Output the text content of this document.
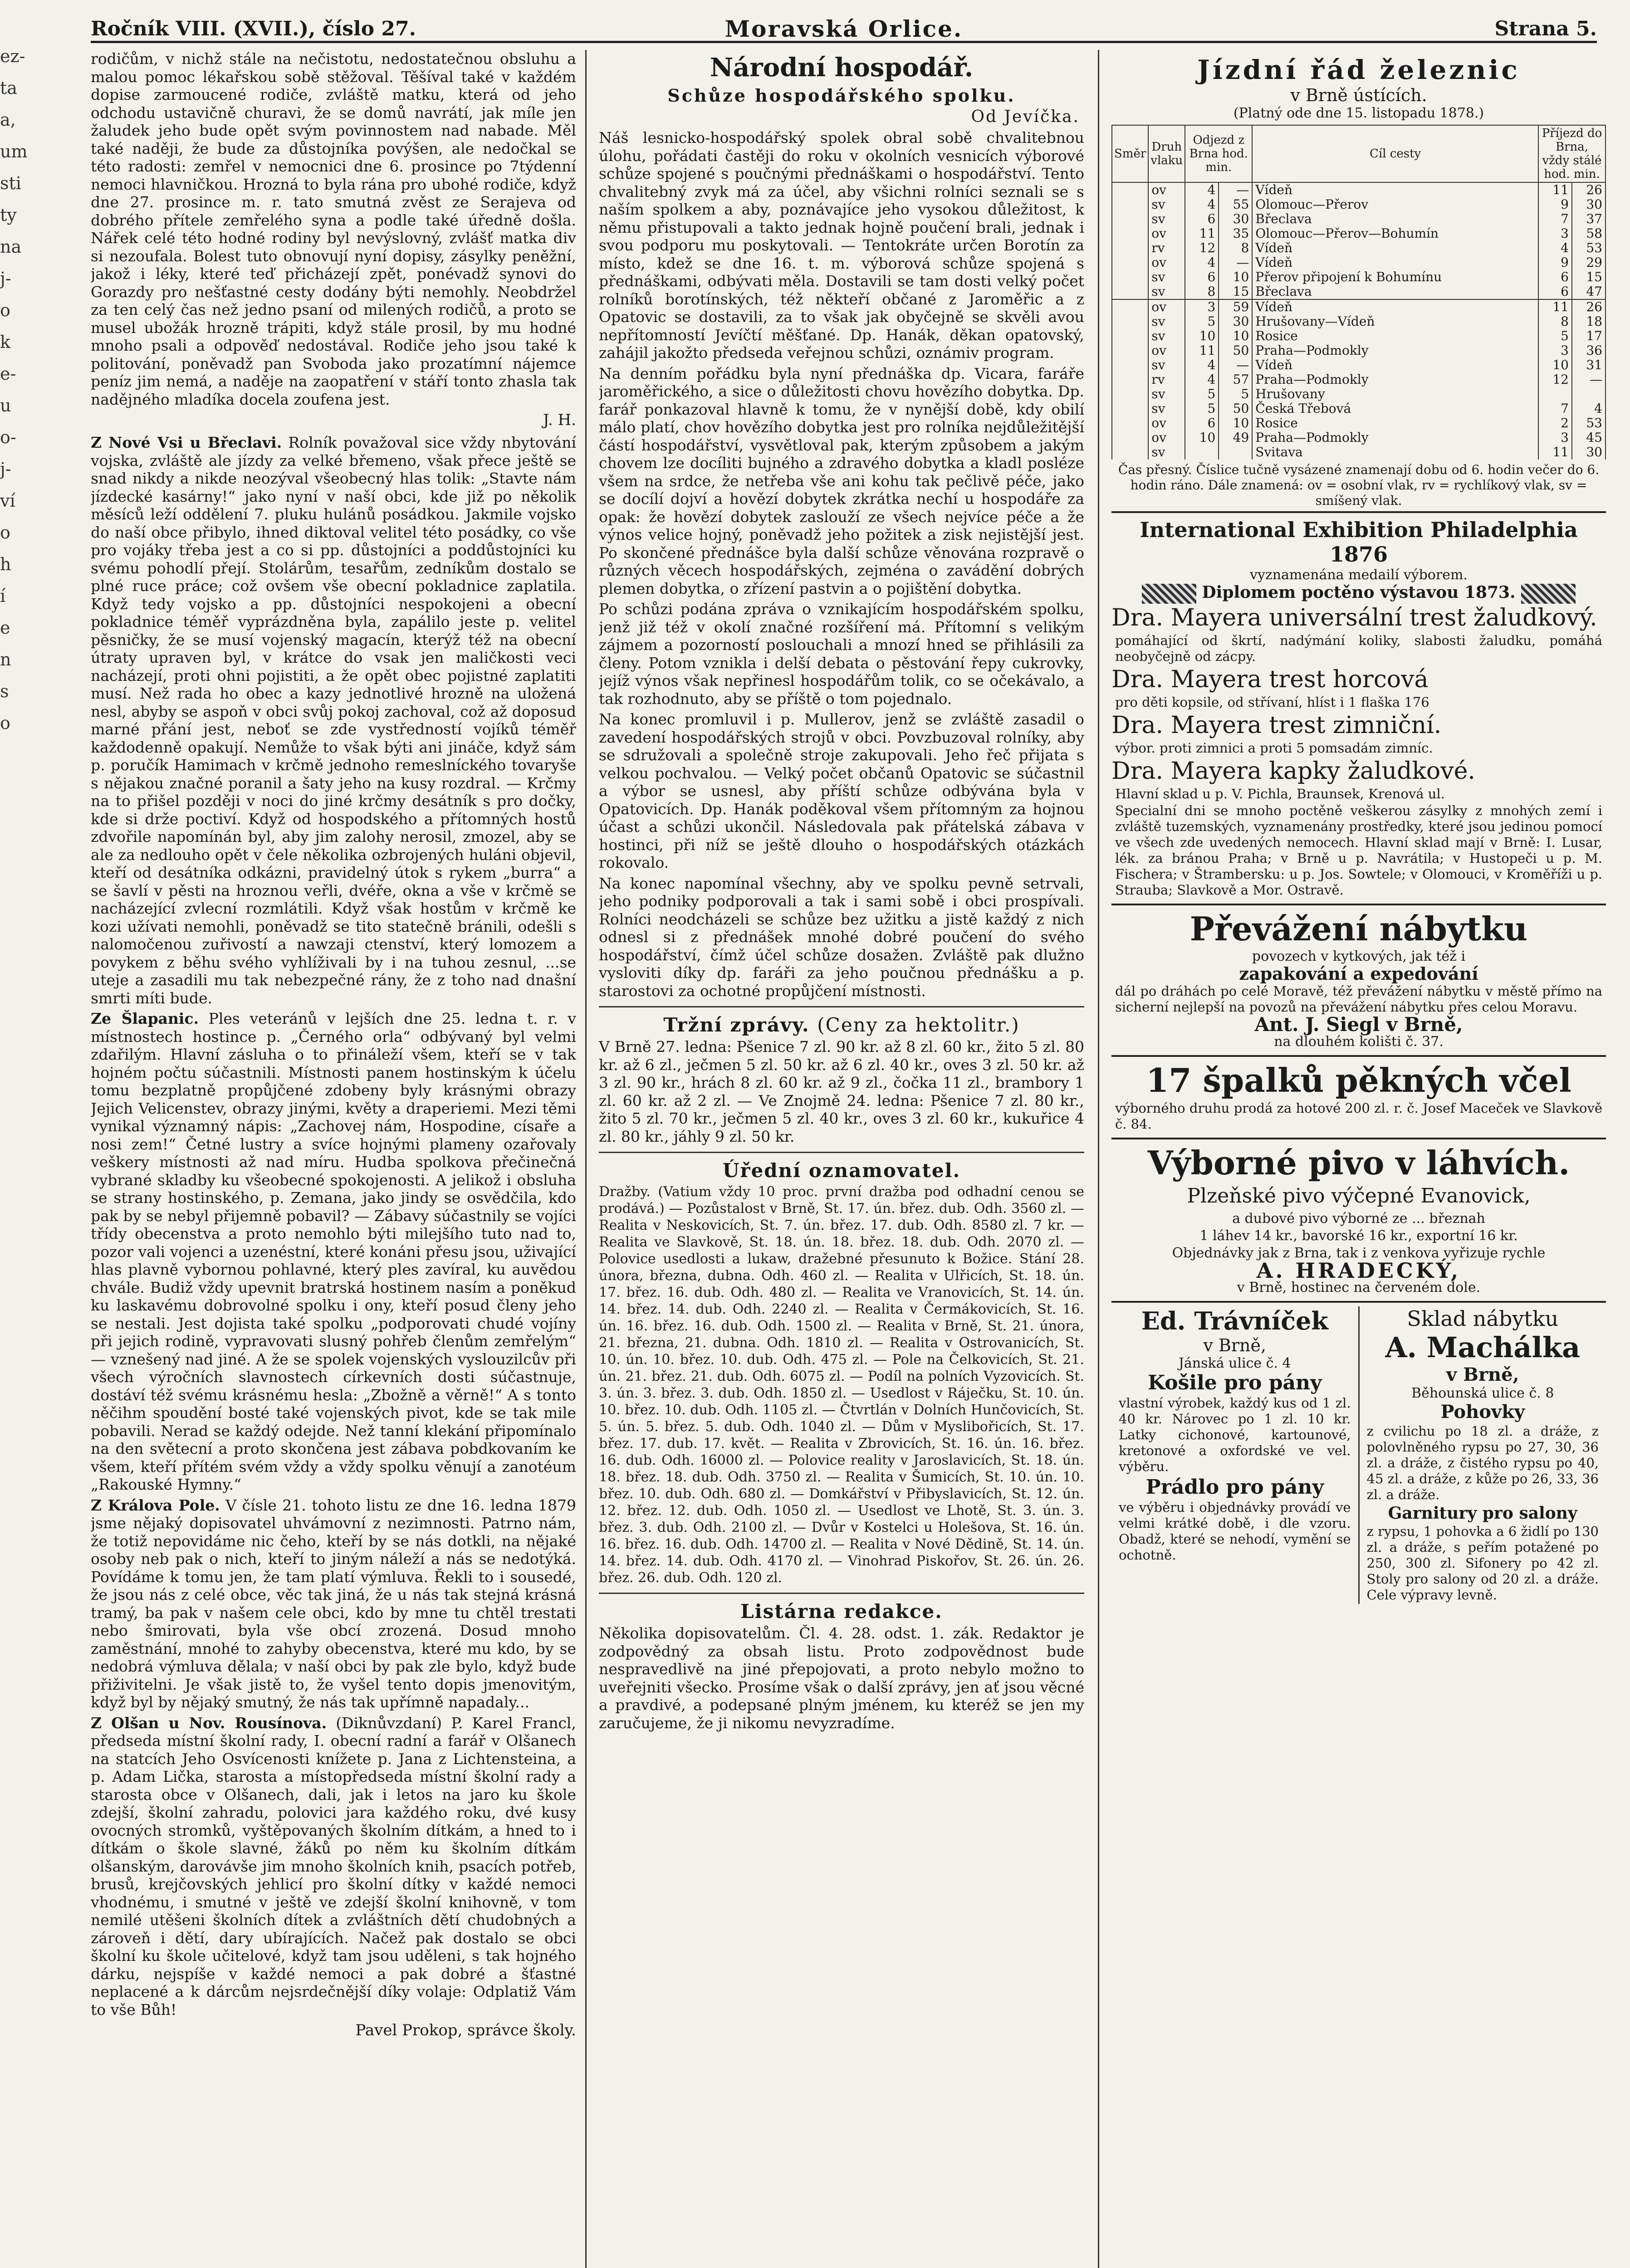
ez-
ta
a,
um
sti
ty
na
j-
o
k
e-
u
o-
j-
ví
o
h
í
e
n
s
o
Ročník VIII. (XVII.), číslo 27.	Moravská Orlice.	Strana 5.

rodičům, v nichž stále na nečistotu, nedostatečnou obsluhu a malou pomoc lékařskou sobě stěžoval. Těšíval také v každém dopise zarmoucené rodiče, zvláště matku, která od jeho odchodu ustavičně churavi, že se domů navrátí, jak míle jen žaludek jeho bude opět svým povinnostem nad nabade. Měl také naději, že bude za důstojníka povýšen, ale nedočkal se této radosti: zemřel v nemocnici dne 6. prosince po 7týdenní nemoci hlavničkou. Hrozná to byla rána pro ubohé rodiče, když dne 27. prosince m. r. tato smutná zvěst ze Serajeva od dobrého přítele zemřelého syna a podle také úředně došla. Nářek celé této hodné rodiny byl nevýslovný, zvlášť matka div si nezoufala. Bolest tuto obnovují nyní dopisy, zásylky peněžní, jakož i léky, které teď přicházejí zpět, ponévadž synovi do Gorazdy pro nešťastné cesty dodány býti nemohly. Neobdržel za ten celý čas než jedno psaní od milených rodičů, a proto se musel ubožák hrozně trápiti, když stále prosil, by mu hodné mnoho psali a odpověď nedostával. Rodiče jeho jsou také k politování, poněvadž pan Svoboda jako prozatímní nájemce peníz jim nemá, a naděje na zaopatření v stáří tonto zhasla tak nadějného mladíka docela zoufena jest.

J. H.

Z Nové Vsi u Břeclavi. Rolník považoval sice vždy nbytování vojska, zvláště ale jízdy za velké břemeno, však přece ještě se snad nikdy a nikde neozýval všeobecný hlas tolik: „Stavte nám jízdecké kasárny!“ jako nyní v naší obci, kde již po několik měsíců leží oddělení 7. pluku hulánů posádkou. Jakmile vojsko do naší obce přibylo, ihned diktoval velitel této posádky, co vše pro vojáky třeba jest a co si pp. důstojníci a poddůstojníci ku svému pohodlí přejí. Stolárům, tesařům, zedníkům dostalo se plné ruce práce; což ovšem vše obecní pokladnice zaplatila. Když tedy vojsko a pp. důstojníci nespokojeni a obecní pokladnice téměř vyprázdněna byla, zapálilo jeste p. velitel pěsničky, že se musí vojenský magacín, kterýž též na obecní útraty upraven byl, v krátce do vsak jen maličkosti veci nacházejí, proti ohni pojistiti, a že opět obec pojistné zaplatiti musí. Než rada ho obec a kazy jednotlivé hrozně na uložená nesl, abyby se aspoň v obci svůj pokoj zachoval, což až doposud marné přání jest, neboť se zde vystředností vojíků téměř každodenně opakují. Nemůže to však býti ani jináče, když sám p. poručík Hamimach v krčmě jednoho remeslníckého tovaryše s nějakou značné poranil a šaty jeho na kusy rozdral. — Krčmy na to přišel později v noci do jiné krčmy desátník s pro dočky, kde si drže poctiví. Když od hospodského a přítomných hostů zdvořile napomínán byl, aby jim zalohy nerosil, zmozel, aby se ale za nedlouho opět v čele několika ozbrojených huláni objevil, kteří od desátníka odkázni, pravidelný útok s rykem „burra“ a se šavlí v pěsti na hroznou veřli, dvéře, okna a vše v krčmě se nacházející zvlecní rozmlátili. Když však hostům v krčmě ke kozi užívati nemohli, poněvadž se tito statečně bránili, odešli s nalomočenou zuřivostí a nawzaji ctenství, který lomozem a povykem z běhu svého vyhlíživali by i na tuhou zesnul, ...se uteje a zasadili mu tak nebezpečné rány, že z toho nad dnašní smrti míti bude.

Ze Šlapanic. Ples veteránů v lejších dne 25. ledna t. r. v místnostech hostince p. „Černého orla“ odbývaný byl velmi zdařilým. Hlavní zásluha o to přináleží všem, kteří se v tak hojném počtu súčastnili. Místnosti panem hostinským k účelu tomu bezplatně propůjčené zdobeny byly krásnými obrazy Jejich Velicenstev, obrazy jinými, květy a draperiemi. Mezi těmi vynikal významný nápis: „Zachovej nám, Hospodine, císaře a nosi zem!“ Četné lustry a svíce hojnými plameny ozařovaly veškery místnosti až nad míru. Hudba spolkova přečinečná vybrané skladby ku všeobecné spokojenosti. A jelikož i obsluha se strany hostinského, p. Zemana, jako jindy se osvědčila, kdo pak by se nebyl přijemně pobavil? — Zábavy súčastnily se vojíci třídy obecenstva a proto nemohlo býti milejšího tuto nad to, pozor vali vojenci a uzenéstní, které konáni přesu jsou, uživající hlas plavně vybornou pohlavné, který ples zavíral, ku auvědou chvále. Budiž vždy upevnit bratrská hostinem nasím a poněkud ku laskavému dobrovolné spolku i ony, kteří posud členy jeho se nestali. Jest dojista také spolku „podporovati chudé vojíny při jejich rodině, vypravovati slusný pohřeb členům zemřelým“ — vznešený nad jiné. A že se spolek vojenských vyslouzilcův při všech výročních slavnostech církevních dosti súčastnuje, dostáví též svému krásnému hesla: „Zbožně a věrně!“ A s tonto něčihm spoudění bosté také vojenských pivot, kde se tak mile pobavili. Nerad se každý odejde. Než tanní klekání připomínalo na den světecní a proto skončena jest zábava pobdkovaním ke všem, kteří přítém svém vždy a vždy spolku věnují a zanotéum „Rakouské Hymny.“

Z Králova Pole. V čísle 21. tohoto listu ze dne 16. ledna 1879 jsme nějaký dopisovatel uhvámovní z nezimnosti. Patrno nám, že totiž nepovidáme nic čeho, kteří by se nás dotkli, na nějaké osoby neb pak o nich, kteří to jiným náleží a nás se nedotýká. Povídáme k tomu jen, že tam platí výmluva. Řekli to i sousedé, že jsou nás z celé obce, věc tak jiná, že u nás tak stejná krásná tramý, ba pak v našem cele obci, kdo by mne tu chtěl trestati nebo šmirovati, byla vše obcí zrozená. Dosud mnoho zaměstnání, mnohé to zahyby obecenstva, které mu kdo, by se nedobrá výmluva dělala; v naší obci by pak zle bylo, když bude přiživitelni. Je však jistě to, že vyšel tento dopis jmenovitým, když byl by nějaký smutný, že nás tak upřímně napadaly...

Z Olšan u Nov. Rousínova. (Diknůvzdaní) P. Karel Francl, předseda místní školní rady, I. obecní radní a farář v Olšanech na statcích Jeho Osvícenosti knížete p. Jana z Lichtensteina, a p. Adam Lička, starosta a místopředseda místní školní rady a starosta obce v Olšanech, dali, jak i letos na jaro ku škole zdejší, školní zahradu, polovici jara každého roku, dvé kusy ovocných stromků, vyštěpovaných školním dítkám, a hned to i dítkám o škole slavné, žáků po něm ku školním dítkám olšanským, darovávše jim mnoho školních knih, psacích potřeb, brusů, krejčovských jehlicí pro školní dítky v každé nemoci vhodnému, i smutné v ještě ve zdejší školní knihovně, v tom nemilé utěšeni školních dítek a zvláštních dětí chudobných a zároveň i dětí, dary ubírajících. Načež pak dostalo se obci školní ku škole učitelové, když tam jsou uděleni, s tak hojného dárku, nejspíše v každé nemoci a pak dobré a šťastné neplacené a k dárcům nejsrdečnější díky volaje: Odplatiž Vám to vše Bůh!

Pavel Prokop, správce školy.
Národní hospodář.
Schůze hospodářského spolku.
Od Jevíčka.

Náš lesnicko-hospodářský spolek obral sobě chvalitebnou úlohu, pořádati častěji do roku v okolních vesnicích výborové schůze spojené s poučnými přednáškami o hospodářství. Tento chvalitebný zvyk má za účel, aby všichni rolníci seznali se s naším spolkem a aby, poznávajíce jeho vysokou důležitost, k němu přistupovali a takto jednak hojně poučení brali, jednak i svou podporu mu poskytovali. — Tentokráte určen Borotín za místo, kdež se dne 16. t. m. výborová schůze spojená s přednáškami, odbývati měla. Dostavili se tam dosti velký počet rolníků borotínských, též někteří občané z Jaroměřic a z Opatovic se dostavili, za to však jak obyčejně se skvěli avou nepřítomností Jevíčtí měšťané. Dp. Hanák, děkan opatovský, zahájil jakožto předseda veřejnou schůzi, oznámiv program.

Na denním pořádku byla nyní přednáška dp. Vicara, faráře jaroměřického, a sice o důležitosti chovu hovězího dobytka. Dp. farář ponkazoval hlavně k tomu, že v nynější době, kdy obilí málo platí, chov hovězího dobytka jest pro rolníka nejdůležitější částí hospodářství, vysvětloval pak, kterým způsobem a jakým chovem lze docíliti bujného a zdravého dobytka a kladl posléze všem na srdce, že netřeba vše ani kohu tak pečlivě péče, jako se docílí dojví a hovězí dobytek zkrátka nechí u hospodáře za opak: že hovězí dobytek zaslouží ze všech nejvíce péče a že výnos velice hojný, poněvadž jeho požitek a zisk nejistější jest. Po skončené přednášce byla další schůze věnována rozpravě o různých věcech hospodářských, zejména o zavádění dobrých plemen dobytka, o zřízení pastvin a o pojištění dobytka.

Po schůzi podána zpráva o vznikajícím hospodářském spolku, jenž již též v okolí značné rozšíření má. Přítomní s velikým zájmem a pozorností poslouchali a mnozí hned se přihlásili za členy. Potom vznikla i delší debata o pěstování řepy cukrovky, jejíž výnos však nepřinesl hospodářům tolik, co se očekávalo, a tak rozhodnuto, aby se příště o tom pojednalo.

Na konec promluvil i p. Mullerov, jenž se zvláště zasadil o zavedení hospodářských strojů v obci. Povzbuzoval rolníky, aby se sdružovali a společně stroje zakupovali. Jeho řeč přijata s velkou pochvalou. — Velký počet občanů Opatovic se súčastnil a výbor se usnesl, aby příští schůze odbývána byla v Opatovicích. Dp. Hanák poděkoval všem přítomným za hojnou účast a schůzi ukončil. Následovala pak přátelská zábava v hostinci, při níž se ještě dlouho o hospodářských otázkách rokovalo.

Na konec napomínal všechny, aby ve spolku pevně setrvali, jeho podniky podporovali a tak i sami sobě i obci prospívali. Rolníci neodcházeli se schůze bez užitku a jistě každý z nich odnesl si z přednášek mnohé dobré poučení do svého hospodářství, čímž účel schůze dosažen. Zvláště pak dlužno vysloviti díky dp. faráři za jeho poučnou přednášku a p. starostovi za ochotné propůjčení místnosti.

Tržní zprávy. (Ceny za hektolitr.)

V Brně 27. ledna: Pšenice 7 zl. 90 kr. až 8 zl. 60 kr., žito 5 zl. 80 kr. až 6 zl., ječmen 5 zl. 50 kr. až 6 zl. 40 kr., oves 3 zl. 50 kr. až 3 zl. 90 kr., hrách 8 zl. 60 kr. až 9 zl., čočka 11 zl., brambory 1 zl. 60 kr. až 2 zl. — Ve Znojmě 24. ledna: Pšenice 7 zl. 80 kr., žito 5 zl. 70 kr., ječmen 5 zl. 40 kr., oves 3 zl. 60 kr., kukuřice 4 zl. 80 kr., jáhly 9 zl. 50 kr.

Úřední oznamovatel.

Dražby. (Vatium vždy 10 proc. první dražba pod odhadní cenou se prodává.) — Pozůstalost v Brně, St. 17. ún. břez. dub. Odh. 3560 zl. — Realita v Neskovicích, St. 7. ún. břez. 17. dub. Odh. 8580 zl. 7 kr. — Realita ve Slavkově, St. 18. ún. 18. břez. 18. dub. Odh. 2070 zl. — Polovice usedlosti a lukaw, dražebné přesunuto k Božice. Stání 28. února, března, dubna. Odh. 460 zl. — Realita v Ulřicích, St. 18. ún. 17. břez. 16. dub. Odh. 480 zl. — Realita ve Vranovicích, St. 14. ún. 14. břez. 14. dub. Odh. 2240 zl. — Realita v Čermákovicích, St. 16. ún. 16. břez. 16. dub. Odh. 1500 zl. — Realita v Brně, St. 21. února, 21. března, 21. dubna. Odh. 1810 zl. — Realita v Ostrovanicích, St. 10. ún. 10. břez. 10. dub. Odh. 475 zl. — Pole na Čelkovicích, St. 21. ún. 21. břez. 21. dub. Odh. 6075 zl. — Podíl na polních Vyzovicích. St. 3. ún. 3. břez. 3. dub. Odh. 1850 zl. — Usedlost v Ráječku, St. 10. ún. 10. břez. 10. dub. Odh. 1105 zl. — Čtvrtlán v Dolních Hunčovicích, St. 5. ún. 5. břez. 5. dub. Odh. 1040 zl. — Dům v Myslibořicích, St. 17. břez. 17. dub. 17. květ. — Realita v Zbrovicích, St. 16. ún. 16. břez. 16. dub. Odh. 16000 zl. — Polovice reality v Jaroslavicích, St. 18. ún. 18. břez. 18. dub. Odh. 3750 zl. — Realita v Šumicích, St. 10. ún. 10. břez. 10. dub. Odh. 680 zl. — Domkářství v Přibyslavicích, St. 12. ún. 12. břez. 12. dub. Odh. 1050 zl. — Usedlost ve Lhotě, St. 3. ún. 3. břez. 3. dub. Odh. 2100 zl. — Dvůr v Kostelci u Holešova, St. 16. ún. 16. břez. 16. dub. Odh. 14700 zl. — Realita v Nové Dědině, St. 14. ún. 14. břez. 14. dub. Odh. 4170 zl. — Vinohrad Piskořov, St. 26. ún. 26. břez. 26. dub. Odh. 120 zl.

Listárna redakce.

Několika dopisovatelům. Čl. 4. 28. odst. 1. zák. Redaktor je zodpovědný za obsah listu. Proto zodpovědnost bude nespravedlivě na jiné přepojovati, a proto nebylo možno to uveřejniti všecko. Prosíme však o další zprávy, jen ať jsou věcné a pravdivé, a podepsané plným jménem, ku kteréž se jen my zaručujeme, že ji nikomu nevyzradíme.

Jízdní řád železnic
v Brně ústících.
(Platný ode dne 15. listopadu 1878.)
Směr	Druh vlaku	Odjezd z Brna hod. min.		Cíl cesty	Příjezd do Brna, vždy stálé hod. min.	
	ov	4	—	Vídeň	11	26
	sv	4	55	Olomouc—Přerov	9	30
	sv	6	30	Břeclava	7	37
	ov	11	35	Olomouc—Přerov—Bohumín	3	58
	rv	12	8	Vídeň	4	53
	ov	4	—	Vídeň	9	29
	sv	6	10	Přerov připojení k Bohumínu	6	15
	sv	8	15	Břeclava	6	47
	ov	3	59	Vídeň	11	26
	sv	5	30	Hrušovany—Vídeň	8	18
	sv	10	10	Rosice	5	17
	ov	11	50	Praha—Podmokly	3	36
	sv	4	—	Vídeň	10	31
	rv	4	57	Praha—Podmokly	12	—
	sv	5	5	Hrušovany		
	sv	5	50	Česká Třebová	7	4
	ov	6	10	Rosice	2	53
	ov	10	49	Praha—Podmokly	3	45
	sv			Svitava	11	30
Čas přesný. Číslice tučně vysázené znamenají dobu od 6. hodin večer do 6. hodin ráno. Dále znamená: ov = osobní vlak, rv = rychlíkový vlak, sv = smíšený vlak.
International Exhibition Philadelphia 1876
vyznamenána medailí výborem.
Diplomem poctěno výstavou 1873.
Dra. Mayera universální trest žaludkový.
pomáhající od škrtí, nadýmání koliky, slabosti žaludku, pomáhá neobyčejně od zácpy.
Dra. Mayera trest horcová
pro děti kopsile, od střívaní, hlíst i 1 flaška 176
Dra. Mayera trest zimniční.
výbor. proti zimnici a proti 5 pomsadám zimníc.
Dra. Mayera kapky žaludkové.
Hlavní sklad u p. V. Pichla, Braunsek, Krenová ul.
Specialní dni se mnoho poctěně veškerou zásylky z mnohých zemí i zvláště tuzemských, vyznamenány prostředky, které jsou jedinou pomocí ve všech zde uvedených nemocech. Hlavní sklad mají v Brně: I. Lusar, lék. za bránou Praha; v Brně u p. Navrátila; v Hustopeči u p. M. Fischera; v Štrambersku: u p. Jos. Sowtele; v Olomouci, v Kroměříži u p. Strauba; Slavkově a Mor. Ostravě.
Převážení nábytku
povozech v kytkových, jak též i
zapakování a expedování
dál po dráhách po celé Moravě, též převážení nábytku v městě přímo na sicherní nejlepší na povozů na převážení nábytku přes celou Moravu.
Ant. J. Siegl v Brně,
na dlouhém kolišti č. 37.
17 špalků pěkných včel
výborného druhu prodá za hotové 200 zl. r. č. Josef Maceček ve Slavkově č. 84.
Výborné pivo v láhvích.
Plzeňské pivo výčepné Evanovick,
a dubové pivo výborné ze ... březnah
1 láhev 14 kr., bavorské 16 kr., exportní 16 kr.
Objednávky jak z Brna, tak i z venkova vyřizuje rychle
A. HRADECKÝ,
v Brně, hostinec na červeném dole.
Ed. Trávníček
v Brně,
Jánská ulice č. 4
Košile pro pány
vlastní výrobek, každý kus od 1 zl. 40 kr. Nárovec po 1 zl. 10 kr. Latky cichonové, kartounové, kretonové a oxfordské ve vel. výběru.
Prádlo pro pány
ve výběru i objednávky provádí ve velmi krátké době, i dle vzoru. Obadž, které se nehodí, vymění se ochotně.
Sklad nábytku
A. Machálka
v Brně,
Běhounská ulice č. 8
Pohovky
z cvilichu po 18 zl. a dráže, z polovlněného rypsu po 27, 30, 36 zl. a dráže, z čistého rypsu po 40, 45 zl. a dráže, z kůže po 26, 33, 36 zl. a dráže.
Garnitury pro salony
z rypsu, 1 pohovka a 6 židlí po 130 zl. a dráže, s peřím potažené po 250, 300 zl. Sifonery po 42 zl. Stoly pro salony od 20 zl. a dráže. Cele výpravy levně.
